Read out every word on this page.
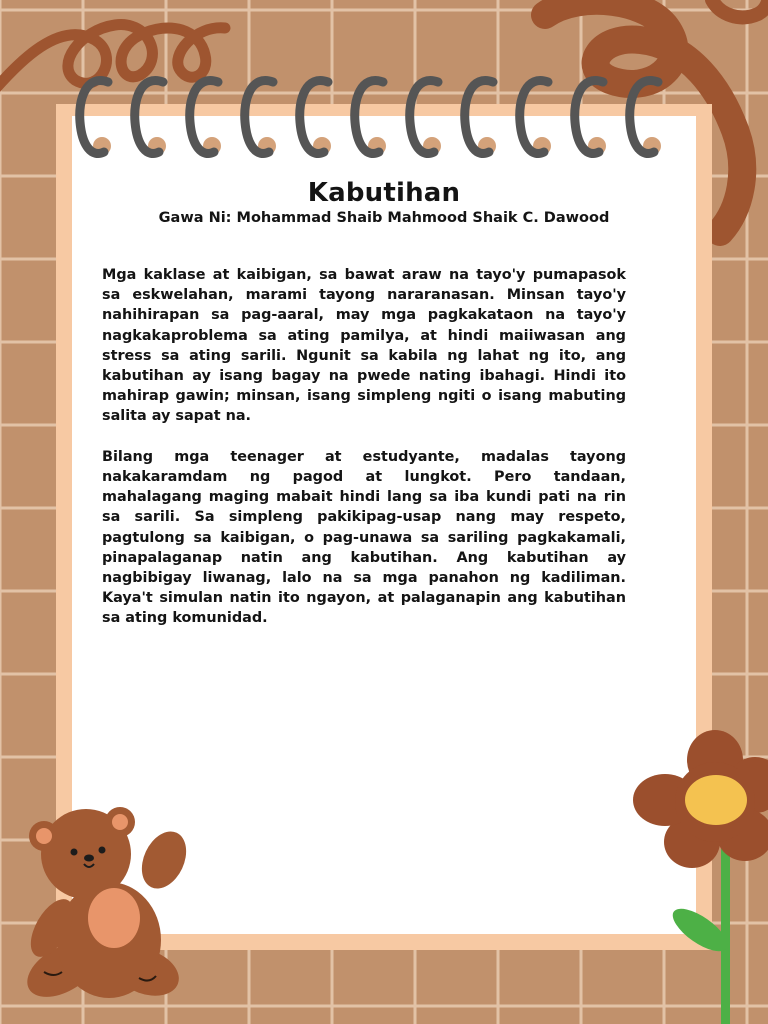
Kabutihan

Gawa Ni: Mohammad Shaib Mahmood Shaik C. Dawood

Mga kaklase at kaibigan, sa bawat araw na tayo'y pumapasok sa eskwelahan, marami tayong nararanasan. Minsan tayo'y nahihirapan sa pag-aaral, may mga pagkakataon na tayo'y nagkakaproblema sa ating pamilya, at hindi maiiwasan ang stress sa ating sarili. Ngunit sa kabila ng lahat ng ito, ang kabutihan ay isang bagay na pwede nating ibahagi. Hindi ito mahirap gawin; minsan, isang simpleng ngiti o isang mabuting salita ay sapat na.

Bilang mga teenager at estudyante, madalas tayong nakakaramdam ng pagod at lungkot. Pero tandaan, mahalagang maging mabait hindi lang sa iba kundi pati na rin sa sarili. Sa simpleng pakikipag-usap nang may respeto, pagtulong sa kaibigan, o pag-unawa sa sariling pagkakamali, pinapalaganap natin ang kabutihan. Ang kabutihan ay nagbibigay liwanag, lalo na sa mga panahon ng kadiliman. Kaya't simulan natin ito ngayon, at palaganapin ang kabutihan sa ating komunidad.
